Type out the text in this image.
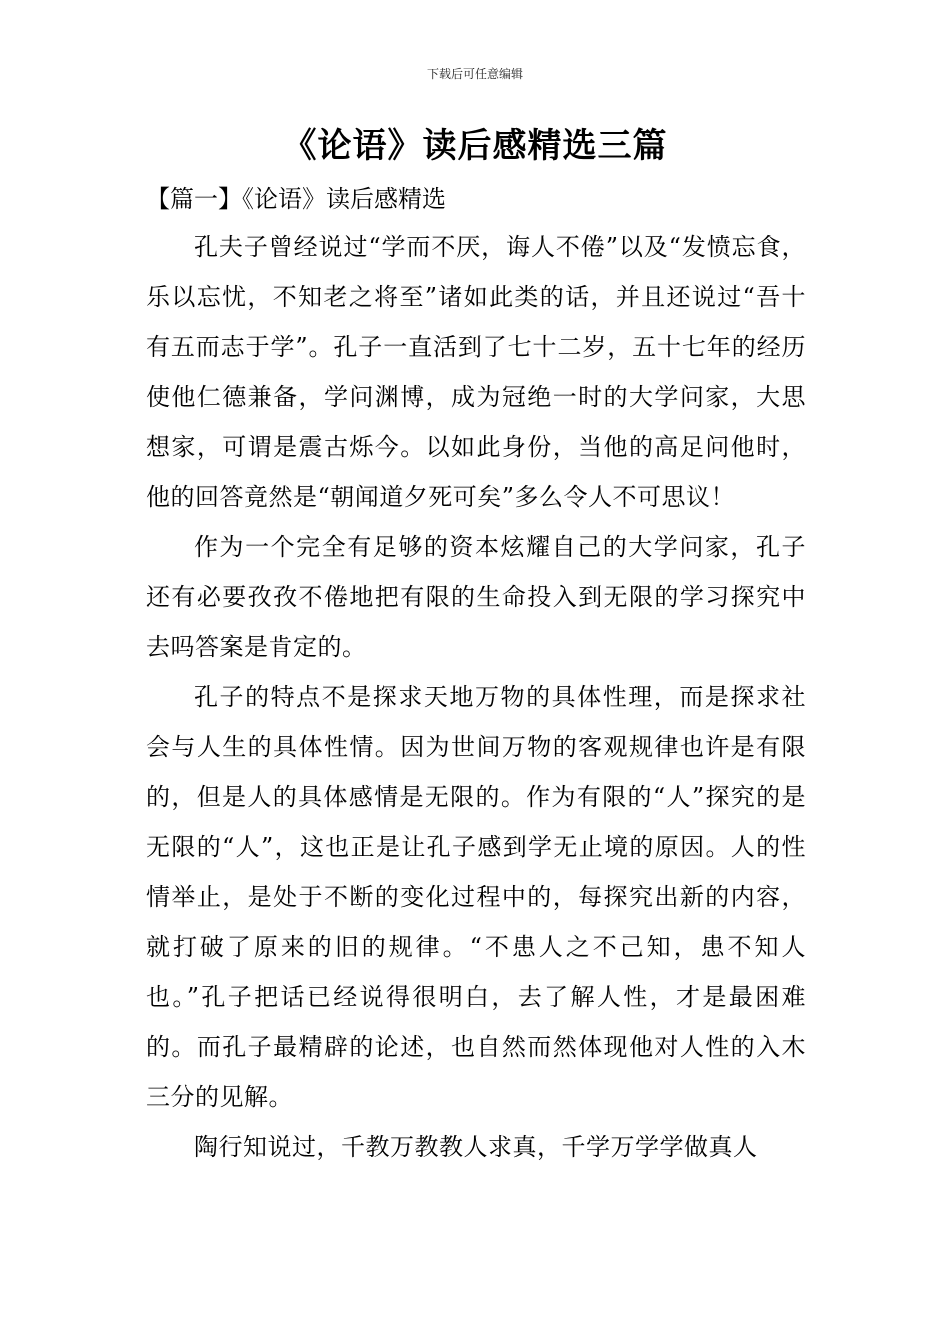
下载后可任意编辑
《论语》读后感精选三篇
【篇一】《论语》读后感精选

孔夫子曾经说过“学而不厌，诲人不倦”以及“发愤忘食，乐以忘忧，不知老之将至”诸如此类的话，并且还说过“吾十有五而志于学”。孔子一直活到了七十二岁，五十七年的经历使他仁德兼备，学问渊博，成为冠绝一时的大学问家，大思想家，可谓是震古烁今。以如此身份，当他的高足问他时，他的回答竟然是“朝闻道夕死可矣”多么令人不可思议！

作为一个完全有足够的资本炫耀自己的大学问家，孔子还有必要孜孜不倦地把有限的生命投入到无限的学习探究中去吗答案是肯定的。

孔子的特点不是探求天地万物的具体性理，而是探求社会与人生的具体性情。因为世间万物的客观规律也许是有限的，但是人的具体感情是无限的。作为有限的“人”探究的是无限的“人”，这也正是让孔子感到学无止境的原因。人的性情举止，是处于不断的变化过程中的，每探究出新的内容，就打破了原来的旧的规律。“不患人之不己知，患不知人也。”孔子把话已经说得很明白，去了解人性，才是最困难的。而孔子最精辟的论述，也自然而然体现他对人性的入木三分的见解。

陶行知说过，千教万教教人求真，千学万学学做真人
